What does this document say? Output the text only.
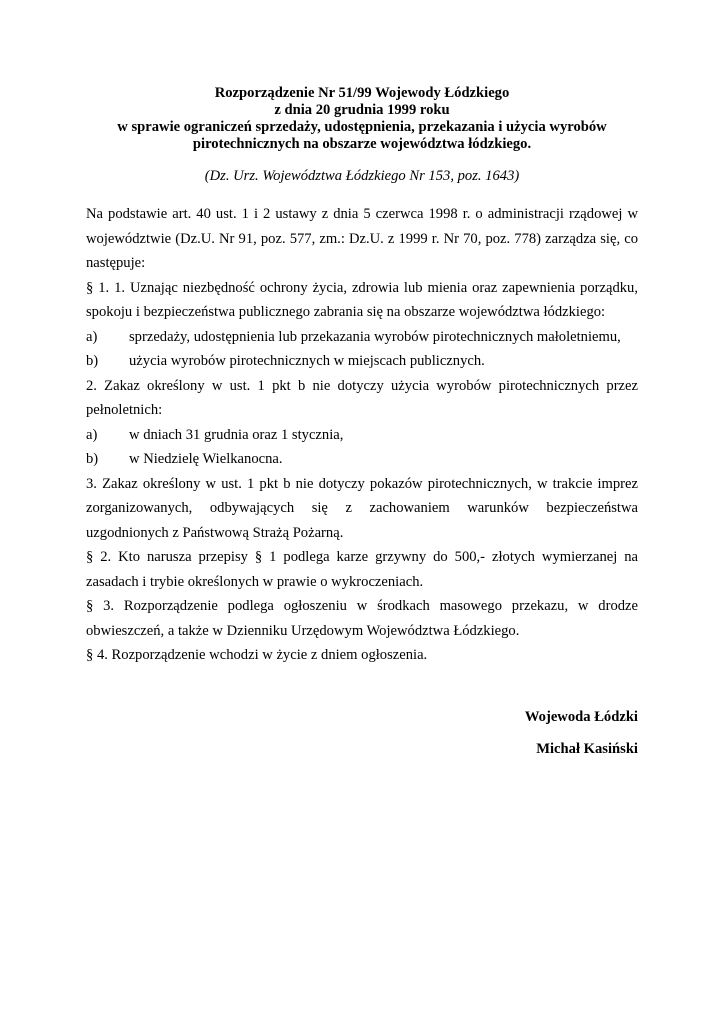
Rozporządzenie Nr 51/99 Wojewody Łódzkiego
z dnia 20 grudnia 1999 roku
w sprawie ograniczeń sprzedaży, udostępnienia, przekazania i użycia wyrobów
pirotechnicznych na obszarze województwa łódzkiego.
(Dz. Urz. Województwa Łódzkiego Nr 153, poz. 1643)

Na podstawie art. 40 ust. 1 i 2 ustawy z dnia 5 czerwca 1998 r. o administracji rządowej w województwie (Dz.U. Nr 91, poz. 577, zm.: Dz.U. z 1999 r. Nr 70, poz. 778) zarządza się, co następuje:

§ 1. 1. Uznając niezbędność ochrony życia, zdrowia lub mienia oraz zapewnienia porządku, spokoju i bezpieczeństwa publicznego zabrania się na obszarze województwa łódzkiego:

a)	sprzedaży, udostępnienia lub przekazania wyrobów pirotechnicznych małoletniemu,
b)	użycia wyrobów pirotechnicznych w miejscach publicznych.

2. Zakaz określony w ust. 1 pkt b nie dotyczy użycia wyrobów pirotechnicznych przez pełnoletnich:

a)	w dniach 31 grudnia oraz 1 stycznia,
b)	w Niedzielę Wielkanocna.

3. Zakaz określony w ust. 1 pkt b nie dotyczy pokazów pirotechnicznych, w trakcie imprez zorganizowanych, odbywających się z zachowaniem warunków bezpieczeństwa uzgodnionych z Państwową Strażą Pożarną.

§ 2. Kto narusza przepisy § 1 podlega karze grzywny do 500,- złotych wymierzanej na zasadach i trybie określonych w prawie o wykroczeniach.

§ 3. Rozporządzenie podlega ogłoszeniu w środkach masowego przekazu, w drodze obwieszczeń, a także w Dzienniku Urzędowym Województwa Łódzkiego.

§ 4. Rozporządzenie wchodzi w życie z dniem ogłoszenia.

Wojewoda Łódzki
Michał Kasiński
